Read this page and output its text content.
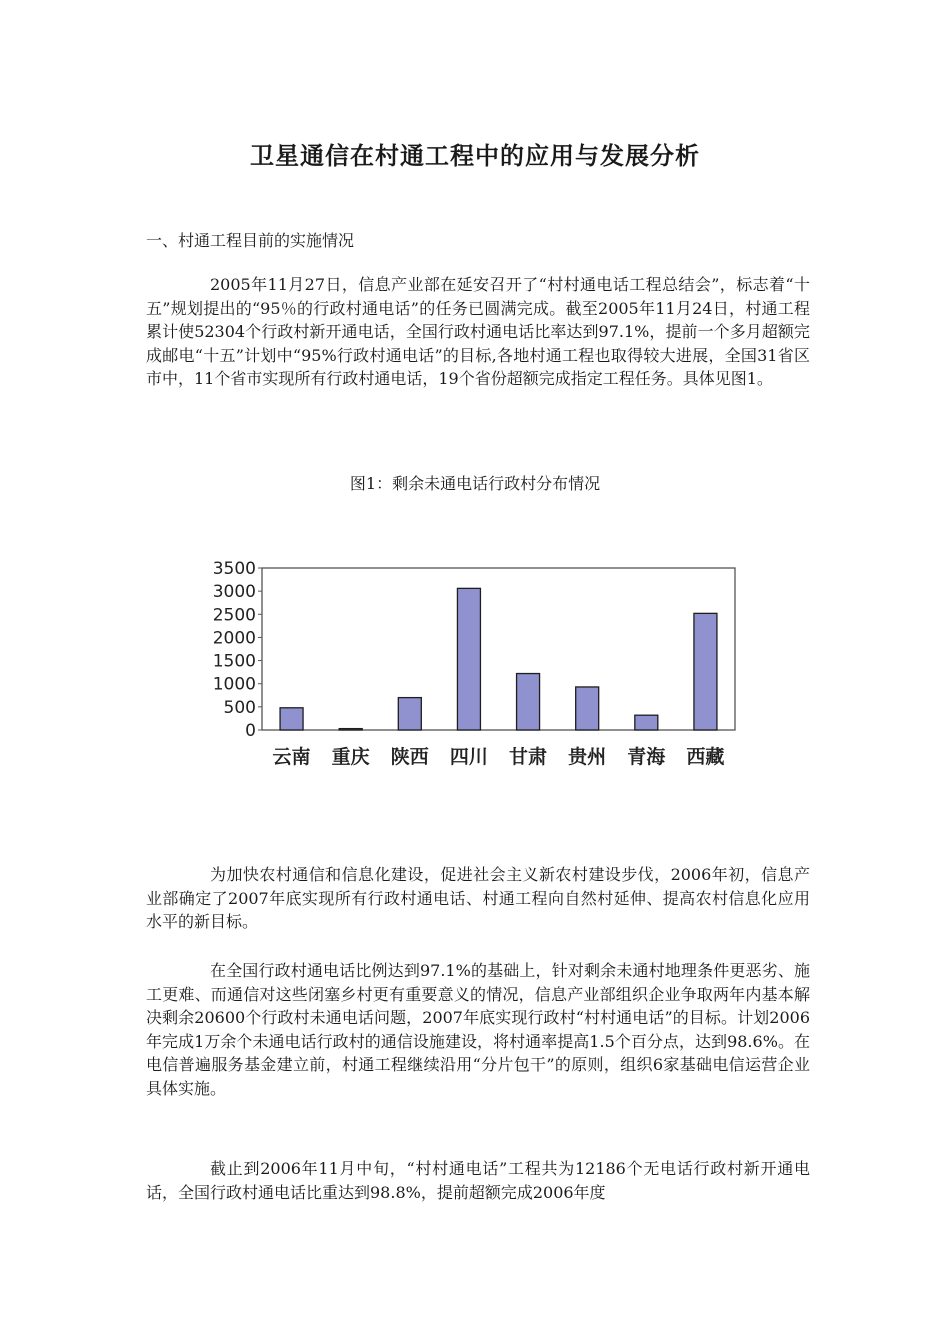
卫星通信在村通工程中的应用与发展分析

一、村通工程目前的实施情况

2005年11月27日，信息产业部在延安召开了“村村通电话工程总结会”，标志着“十五”规划提出的“95％的行政村通电话”的任务已圆满完成。截至2005年11月24日，村通工程累计使52304个行政村新开通电话，全国行政村通电话比率达到97.1%，提前一个多月超额完成邮电“十五”计划中“95%行政村通电话”的目标,各地村通工程也取得较大进展，全国31省区市中，11个省市实现所有行政村通电话，19个省份超额完成指定工程任务。具体见图1。

图1：剩余未通电话行政村分布情况

0
500
1000
1500
2000
2500
3000
3500
云南 重庆 陕西 四川 甘肃 贵州 青海 西藏

为加快农村通信和信息化建设，促进社会主义新农村建设步伐，2006年初，信息产业部确定了2007年底实现所有行政村通电话、村通工程向自然村延伸、提高农村信息化应用水平的新目标。

在全国行政村通电话比例达到97.1%的基础上，针对剩余未通村地理条件更恶劣、施工更难、而通信对这些闭塞乡村更有重要意义的情况，信息产业部组织企业争取两年内基本解决剩余20600个行政村未通电话问题，2007年底实现行政村“村村通电话”的目标。计划2006年完成1万余个未通电话行政村的通信设施建设，将村通率提高1.5个百分点，达到98.6%。在电信普遍服务基金建立前，村通工程继续沿用“分片包干”的原则，组织6家基础电信运营企业具体实施。

截止到2006年11月中旬，“村村通电话”工程共为12186个无电话行政村新开通电话，全国行政村通电话比重达到98.8%，提前超额完成2006年度
